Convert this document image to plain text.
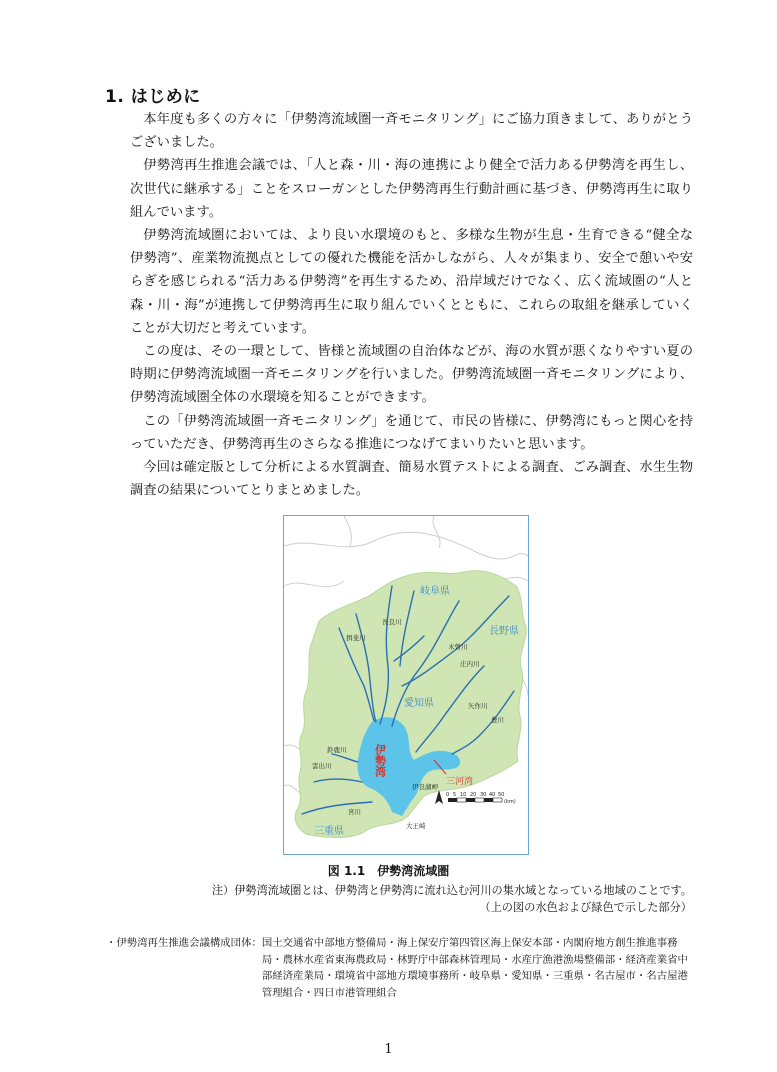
1. はじめに

本年度も多くの方々に「伊勢湾流域圏一斉モニタリング」にご協力頂きまして、ありがとうございました。

伊勢湾再生推進会議では、「人と森・川・海の連携により健全で活力ある伊勢湾を再生し、次世代に継承する」ことをスローガンとした伊勢湾再生行動計画に基づき、伊勢湾再生に取り組んでいます。

伊勢湾流域圏においては、より良い水環境のもと、多様な生物が生息・生育できる“健全な伊勢湾”、産業物流拠点としての優れた機能を活かしながら、人々が集まり、安全で憩いや安らぎを感じられる“活力ある伊勢湾”を再生するため、沿岸域だけでなく、広く流域圏の“人と森・川・海”が連携して伊勢湾再生に取り組んでいくとともに、これらの取組を継承していくことが大切だと考えています。

この度は、その一環として、皆様と流域圏の自治体などが、海の水質が悪くなりやすい夏の時期に伊勢湾流域圏一斉モニタリングを行いました。伊勢湾流域圏一斉モニタリングにより、伊勢湾流域圏全体の水環境を知ることができます。

この「伊勢湾流域圏一斉モニタリング」を通じて、市民の皆様に、伊勢湾にもっと関心を持っていただき、伊勢湾再生のさらなる推進につなげてまいりたいと思います。

今回は確定版として分析による水質調査、簡易水質テストによる調査、ごみ調査、水生生物調査の結果についてとりまとめました。

岐阜県
長野県
愛知県
三重県
長良川
揖斐川
木曽川
庄内川
矢作川
豊川
鈴鹿川
雲出川
宮川
伊良湖岬
大王崎
伊勢湾
三河湾
0 5 10 20 30 40 50
(km)
図 1.1　伊勢湾流域圏
注）伊勢湾流域圏とは、伊勢湾と伊勢湾に流れ込む河川の集水域となっている地域のことです。
（上の図の水色および緑色で示した部分）
・伊勢湾再生推進会議構成団体： 国土交通省中部地方整備局・海上保安庁第四管区海上保安本部・内閣府地方創生推進事務局・農林水産省東海農政局・林野庁中部森林管理局・水産庁漁港漁場整備部・経済産業省中部経済産業局・環境省中部地方環境事務所・岐阜県・愛知県・三重県・名古屋市・名古屋港管理組合・四日市港管理組合
1
